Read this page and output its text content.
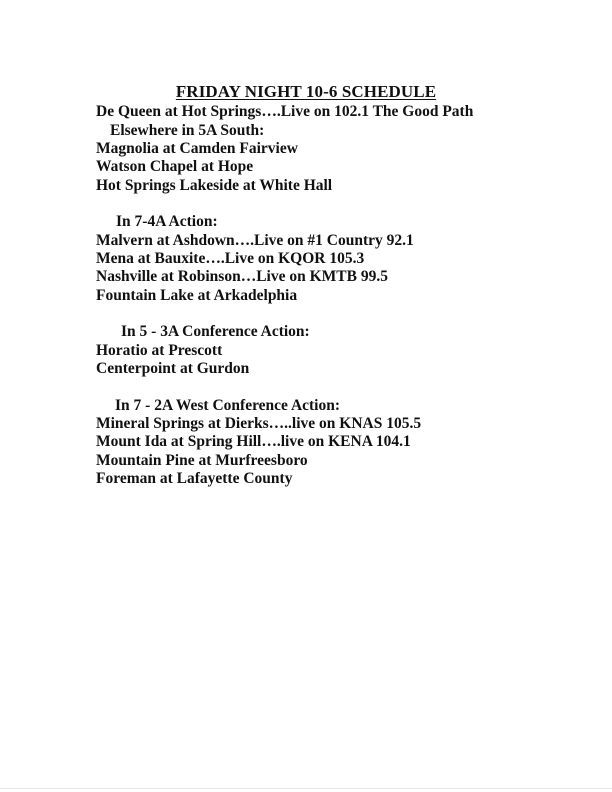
FRIDAY NIGHT 10-6 SCHEDULE
De Queen at Hot Springs….Live on 102.1 The Good Path
Elsewhere in 5A South:
Magnolia at Camden Fairview
Watson Chapel at Hope
Hot Springs Lakeside at White Hall
In 7-4A Action:
Malvern at Ashdown….Live on #1 Country 92.1
Mena at Bauxite….Live on KQOR 105.3
Nashville at Robinson…Live on KMTB 99.5
Fountain Lake at Arkadelphia
In 5 - 3A Conference Action:
Horatio at Prescott
Centerpoint at Gurdon
In 7 - 2A West Conference Action:
Mineral Springs at Dierks…..live on KNAS 105.5
Mount Ida at Spring Hill….live on KENA 104.1
Mountain Pine at Murfreesboro
Foreman at Lafayette County
